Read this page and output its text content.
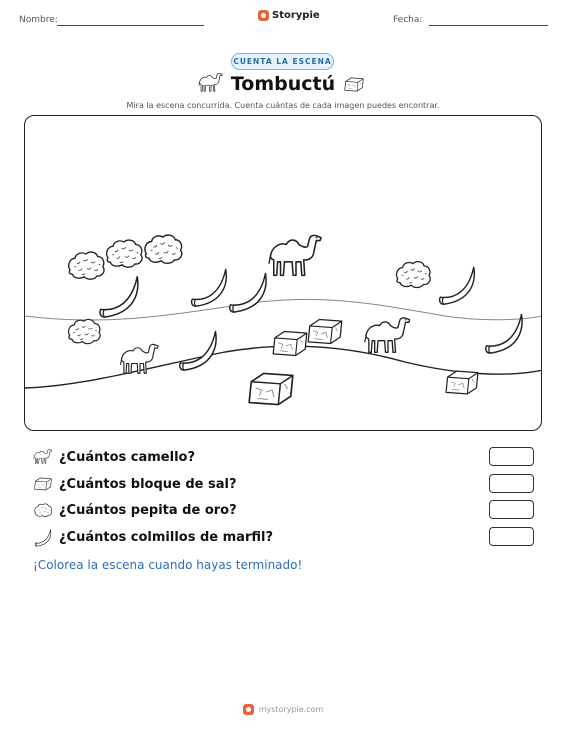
Nombre:	Storypie	Fecha:
CUENTA LA ESCENA
Tombuctú
Mira la escena concurrida. Cuenta cuántas de cada imagen puedes encontrar.
¿Cuántos camello?
¿Cuántos bloque de sal?
¿Cuántos pepita de oro?
¿Cuántos colmillos de marfil?
¡Colorea la escena cuando hayas terminado!
mystorypie.com
